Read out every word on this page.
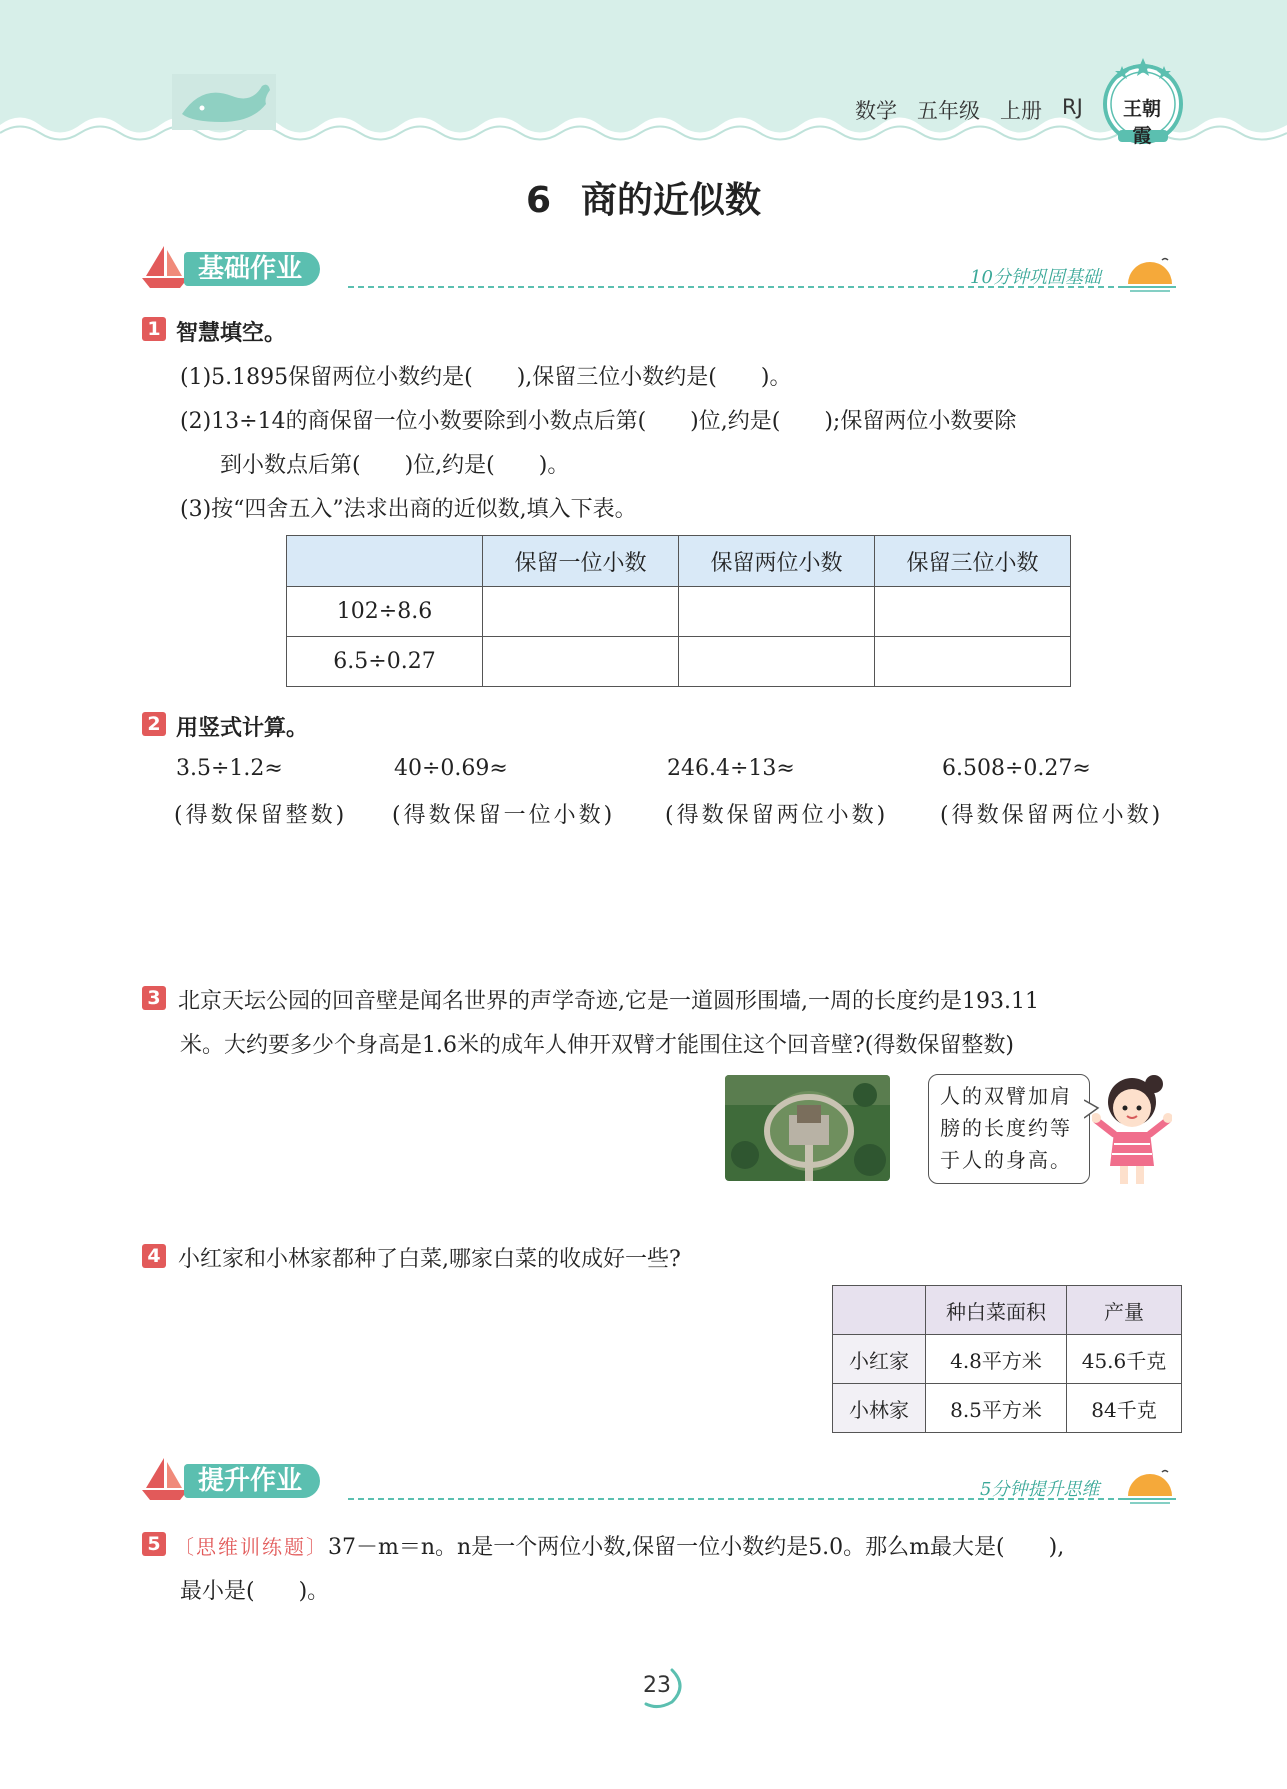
数学 五年级 上册 RJ	王朝霞
6 商的近似数
基础作业	10分钟巩固基础
1 智慧填空。
(1)5.1895保留两位小数约是(　　),保留三位小数约是(　　)。
(2)13÷14的商保留一位小数要除到小数点后第(　　)位,约是(　　);保留两位小数要除
到小数点后第(　　)位,约是(　　)。
(3)按“四舍五入”法求出商的近似数,填入下表。
	保留一位小数	保留两位小数	保留三位小数
102÷8.6			
6.5÷0.27			
2 用竖式计算。
3.5÷1.2≈
(得数保留整数)
40÷0.69≈
(得数保留一位小数)
246.4÷13≈
(得数保留两位小数)
6.508÷0.27≈
(得数保留两位小数)
3 北京天坛公园的回音壁是闻名世界的声学奇迹,它是一道圆形围墙,一周的长度约是193.11
米。大约要多少个身高是1.6米的成年人伸开双臂才能围住这个回音壁?(得数保留整数)
人的双臂加肩
膀的长度约等
于人的身高。
4 小红家和小林家都种了白菜,哪家白菜的收成好一些?
	种白菜面积	产量
小红家	4.8平方米	45.6千克
小林家	8.5平方米	84千克
提升作业	5分钟提升思维
5 〔思维训练题〕37－m＝n。n是一个两位小数,保留一位小数约是5.0。那么m最大是(　　),
最小是(　　)。
23
